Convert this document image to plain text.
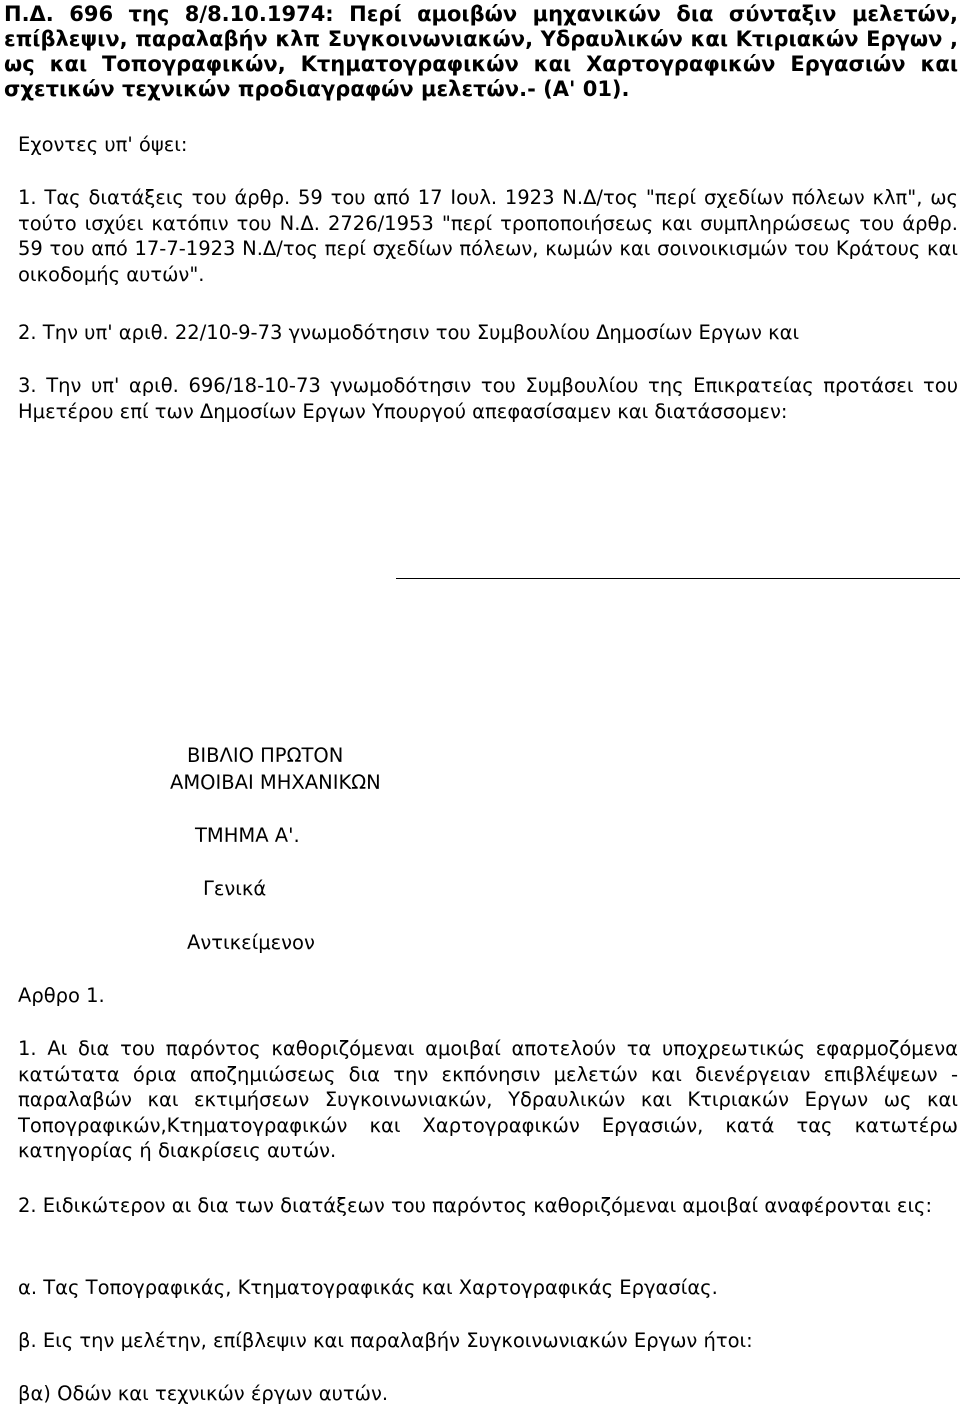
Π.Δ. 696 της 8/8.10.1974: Περί αμοιβών μηχανικών δια σύνταξιν μελετών, επίβλεψιν, παραλαβήν κλπ Συγκοινωνιακών, Υδραυλικών και Κτιριακών Εργων , ως και Τοπογραφικών, Κτηματογραφικών και Χαρτογραφικών Εργασιών και σχετικών τεχνικών προδιαγραφών μελετών.- (Α' 01).

Εχοντες υπ' όψει:

1. Τας διατάξεις του άρθρ. 59 του από 17 Ιουλ. 1923 Ν.Δ/τος "περί σχεδίων πόλεων κλπ", ως τούτο ισχύει κατόπιν του Ν.Δ. 2726/1953 "περί τροποποιήσεως και συμπληρώσεως του άρθρ. 59 του από 17-7-1923 Ν.Δ/τος περί σχεδίων πόλεων, κωμών και σοινοικισμών του Κράτους και οικοδομής αυτών".

2. Την υπ' αριθ. 22/10-9-73 γνωμοδότησιν του Συμβουλίου Δημοσίων Εργων και

3. Την υπ' αριθ. 696/18-10-73 γνωμοδότησιν του Συμβουλίου της Επικρατείας προτάσει του Ημετέρου επί των Δημοσίων Εργων Υπουργού απεφασίσαμεν και διατάσσομεν:

ΒΙΒΛΙΟ ΠΡΩΤΟΝ

ΑΜΟΙΒΑΙ ΜΗΧΑΝΙΚΩΝ

ΤΜΗΜΑ Α'.

Γενικά

Αντικείμενον

Αρθρο 1.

1. Αι δια του παρόντος καθοριζόμεναι αμοιβαί αποτελούν τα υποχρεωτικώς εφαρμοζόμενα κατώτατα όρια αποζημιώσεως δια την εκπόνησιν μελετών και διενέργειαν επιβλέψεων - παραλαβών και εκτιμήσεων Συγκοινωνιακών, Υδραυλικών και Κτιριακών Εργων ως και Τοπογραφικών,Κτηματογραφικών και Χαρτογραφικών Εργασιών, κατά τας κατωτέρω κατηγορίας ή διακρίσεις αυτών.

2. Ειδικώτερον αι δια των διατάξεων του παρόντος καθοριζόμεναι αμοιβαί αναφέρονται εις:

α. Τας Τοπογραφικάς, Κτηματογραφικάς και Χαρτογραφικάς Εργασίας.

β. Εις την μελέτην, επίβλεψιν και παραλαβήν Συγκοινωνιακών Εργων ήτοι:

βα) Οδών και τεχνικών έργων αυτών.
